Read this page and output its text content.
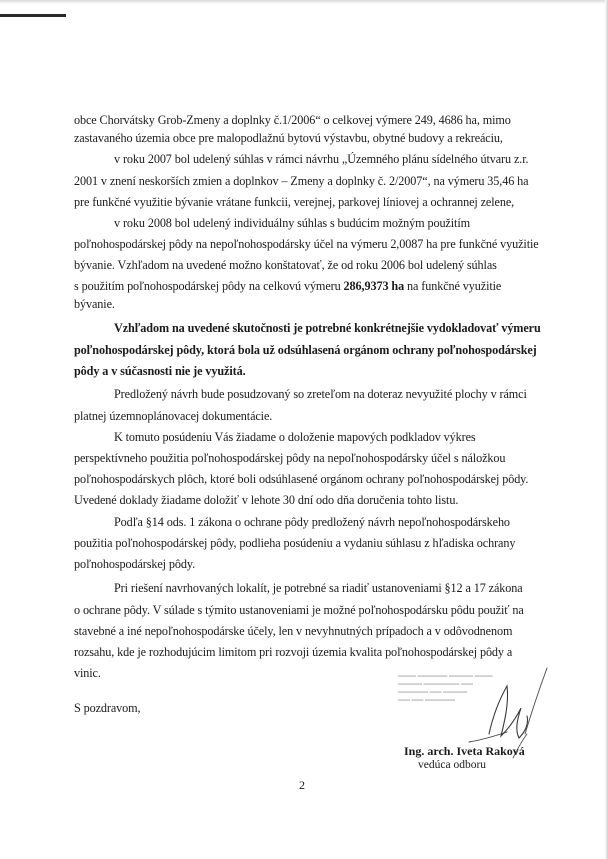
obce Chorvátsky Grob-Zmeny a doplnky č.1/2006“ o celkovej výmere 249, 4686 ha, mimo
zastavaného územia obce pre malopodlažnú bytovú výstavbu, obytné budovy a rekreáciu,
v roku 2007 bol udelený súhlas v rámci návrhu „Územného plánu sídelného útvaru z.r.
2001 v znení neskorších zmien a doplnkov – Zmeny a doplnky č. 2/2007“, na výmeru 35,46 ha
pre funkčné využitie bývanie vrátane funkcii, verejnej, parkovej líniovej a ochrannej zelene,
v roku 2008 bol udelený individuálny súhlas s budúcim možným použitím
poľnohospodárskej pôdy na nepoľnohospodársky účel na výmeru 2,0087 ha pre funkčné využitie
bývanie. Vzhľadom na uvedené možno konštatovať, že od roku 2006 bol udelený súhlas
s použitím poľnohospodárskej pôdy na celkovú výmeru 286,9373 ha na funkčné využitie
bývanie.
Vzhľadom na uvedené skutočnosti je potrebné konkrétnejšie vydokladovať výmeru
poľnohospodárskej pôdy, ktorá bola už odsúhlasená orgánom ochrany poľnohospodárskej
pôdy a v súčasnosti nie je využitá.
Predložený návrh bude posudzovaný so zreteľom na doteraz nevyužité plochy v rámci
platnej územnoplánovacej dokumentácie.
K tomuto posúdeniu Vás žiadame o doloženie mapových podkladov výkres
perspektívneho použitia poľnohospodárskej pôdy na nepoľnohospodársky účel s náložkou
poľnohospodárskych plôch, ktoré boli odsúhlasené orgánom ochrany poľnohospodárskej pôdy.
Uvedené doklady žiadame doložiť v lehote 30 dní odo dňa doručenia tohto listu.
Podľa §14 ods. 1 zákona o ochrane pôdy predložený návrh nepoľnohospodárskeho
použitia poľnohospodárskej pôdy, podlieha posúdeniu a vydaniu súhlasu z hľadiska ochrany
poľnohospodárskej pôdy.
Pri riešení navrhovaných lokalít, je potrebné sa riadiť ustanoveniami §12 a 17 zákona
o ochrane pôdy. V súlade s týmito ustanoveniami je možné poľnohospodársku pôdu použiť na
stavebné a iné nepoľnohospodárske účely, len v nevyhnutných prípadoch a v odôvodnenom
rozsahu, kde je rozhodujúcim limitom pri rozvoji územia kvalita poľnohospodárskej pôdy a
vinic.
S pozdravom,
▬▬▬ ▬▬▬▬▬ ▬▬▬▬ ▬▬▬
▬▬▬▬ ▬▬▬▬▬▬ ▬▬
▬▬▬▬▬ ▬▬ ▬▬▬▬
▬▬ ▬▬ ▬▬▬▬▬
Ing. arch. Iveta Raková
vedúca odboru
2
